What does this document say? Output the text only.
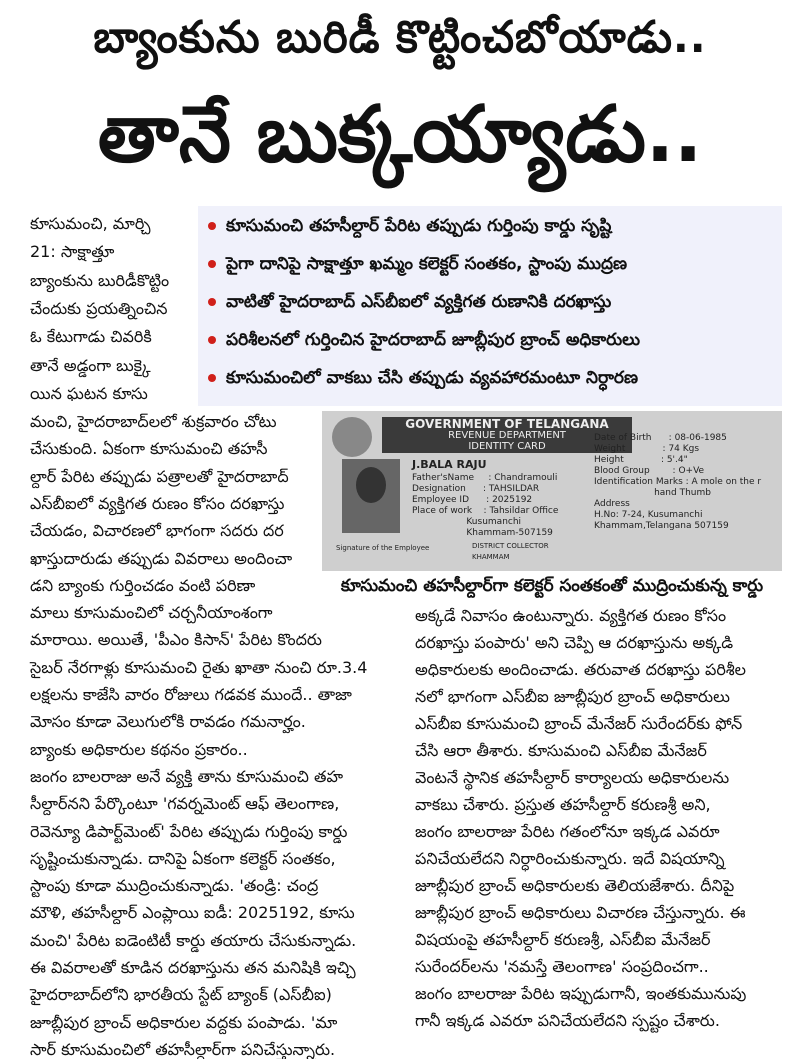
బ్యాంకును బురిడీ కొట్టించబోయాడు..
తానే బుక్కయ్యాడు..
కూసుమంచి తహసీల్దార్ పేరిట తప్పుడు గుర్తింపు కార్డు సృష్టి
పైగా దానిపై సాక్షాత్తూ ఖమ్మం కలెక్టర్ సంతకం, స్టాంపు ముద్రణ
వాటితో హైదరాబాద్ ఎస్‌బీఐలో వ్యక్తిగత రుణానికి దరఖాస్తు
పరిశీలనలో గుర్తించిన హైదరాబాద్ జూబ్లీపుర బ్రాంచ్ అధికారులు
కూసుమంచిలో వాకబు చేసి తప్పుడు వ్యవహారమంటూ నిర్ధారణ
కూసుమంచి, మార్చి
21: సాక్షాత్తూ
బ్యాంకును బురిడీకొట్టిం
చేందుకు ప్రయత్నించిన
ఓ కేటుగాడు చివరికి
తానే అడ్డంగా బుక్కై
యిన ఘటన కూసు
మంచి, హైదరాబాద్‌లలో శుక్రవారం చోటు
చేసుకుంది. ఏకంగా కూసుమంచి తహసీ
ల్దార్ పేరిట తప్పుడు పత్రాలతో హైదరాబాద్
ఎస్‌బీఐలో వ్యక్తిగత రుణం కోసం దరఖాస్తు
చేయడం, విచారణలో భాగంగా సదరు దర
ఖాస్తుదారుడు తప్పుడు వివరాలు అందించా
డని బ్యాంకు గుర్తించడం వంటి పరిణా
మాలు కూసుమంచిలో చర్చనీయాంశంగా
మారాయి. అయితే, 'పీఎం కిసాన్' పేరిట కొందరు
సైబర్ నేరగాళ్లు కూసుమంచి రైతు ఖాతా నుంచి రూ.3.4
లక్షలను కాజేసి వారం రోజులు గడవక ముందే.. తాజా
మోసం కూడా వెలుగులోకి రావడం గమనార్హం.
బ్యాంకు అధికారుల కథనం ప్రకారం..
జంగం బాలరాజు అనే వ్యక్తి తాను కూసుమంచి తహ
సీల్దార్‌నని పేర్కొంటూ 'గవర్నమెంట్ ఆఫ్ తెలంగాణ,
రెవెన్యూ డిపార్ట్‌మెంట్' పేరిట తప్పుడు గుర్తింపు కార్డు
సృష్టించుకున్నాడు. దానిపై ఏకంగా కలెక్టర్ సంతకం,
స్టాంపు కూడా ముద్రించుకున్నాడు. 'తండ్రి: చంద్ర
మౌళి, తహసీల్దార్ ఎంప్లాయి ఐడీ: 2025192, కూసు
మంచి' పేరిట ఐడెంటిటీ కార్డు తయారు చేసుకున్నాడు.
ఈ వివరాలతో కూడిన దరఖాస్తును తన మనిషికి ఇచ్చి
హైదరాబాద్‌లోని భారతీయ స్టేట్ బ్యాంక్ (ఎస్‌బీఐ)
జూబ్లీపుర బ్రాంచ్ అధికారుల వద్దకు పంపాడు. 'మా
సార్ కూసుమంచిలో తహసీల్దార్‌గా పనిచేస్తున్నారు.
అక్కడే నివాసం ఉంటున్నారు. వ్యక్తిగత రుణం కోసం
దరఖాస్తు పంపారు' అని చెప్పి ఆ దరఖాస్తును అక్కడి
అధికారులకు అందించాడు. తరువాత దరఖాస్తు పరిశీల
నలో భాగంగా ఎస్‌బీఐ జూబ్లీపుర బ్రాంచ్ అధికారులు
ఎస్‌బీఐ కూసుమంచి బ్రాంచ్ మేనేజర్ సురేందర్‌కు ఫోన్
చేసి ఆరా తీశారు. కూసుమంచి ఎస్‌బీఐ మేనేజర్
వెంటనే స్థానిక తహసీల్దార్ కార్యాలయ అధికారులను
వాకబు చేశారు. ప్రస్తుత తహసీల్దార్ కరుణశ్రీ అని,
జంగం బాలరాజు పేరిట గతంలోనూ ఇక్కడ ఎవరూ
పనిచేయలేదని నిర్ధారించుకున్నారు. ఇదే విషయాన్ని
జూబ్లీపుర బ్రాంచ్ అధికారులకు తెలియజేశారు. దీనిపై
జూబ్లీపుర బ్రాంచ్ అధికారులు విచారణ చేస్తున్నారు. ఈ
విషయంపై తహసీల్దార్ కరుణశ్రీ, ఎస్‌బీఐ మేనేజర్
సురేందర్‌లను 'నమస్తే తెలంగాణ' సంప్రదించగా..
జంగం బాలరాజు పేరిట ఇప్పుడుగానీ, ఇంతకుమునుపు
గానీ ఇక్కడ ఎవరూ పనిచేయలేదని స్పష్టం చేశారు.
GOVERNMENT OF TELANGANA
REVENUE DEPARTMENT
IDENTITY CARD
J.BALA RAJU
Father'sName     : Chandramouli
Designation      : TAHSILDAR
Employee ID      : 2025192
Place of work    : Tahsildar Office
Kusumanchi
Khammam-507159
Date of Birth      : 08-06-1985
Weight             : 74 Kgs
Height             : 5'.4"
Blood Group        : O+Ve
Identification Marks : A mole on the r
hand Thumb
Address
H.No: 7-24, Kusumanchi
Khammam,Telangana 507159
Signature of the Employee	DISTRICT COLLECTOR
KHAMMAM
కూసుమంచి తహసీల్దార్‌గా కలెక్టర్ సంతకంతో ముద్రించుకున్న కార్డు
